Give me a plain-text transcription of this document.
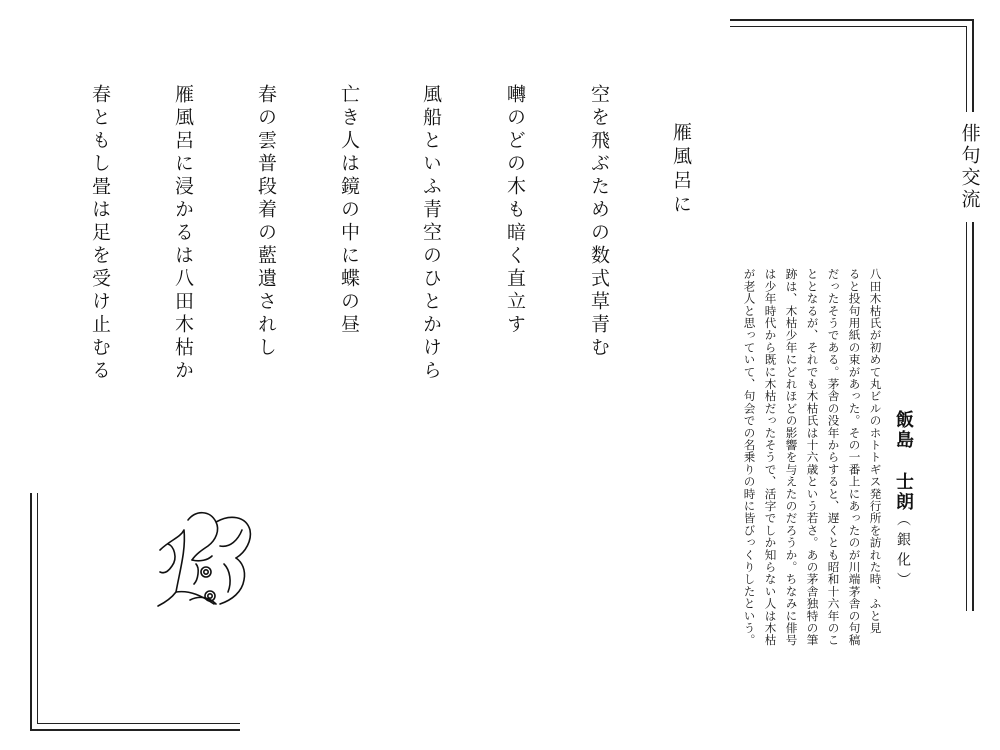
俳句交流
雁風呂に
空を飛ぶための数式草青む
囀のどの木も暗く直立す
風船といふ青空のひとかけら
亡き人は鏡の中に蝶の昼
春の雲普段着の藍遺されし
雁風呂に浸かるは八田木枯か
春ともし畳は足を受け止むる
飯島士朗（銀化）
八田木枯氏が初めて丸ビルのホトトギス発行所を訪れた時、ふと見
ると投句用紙の束があった。その一番上にあったのが川端茅舎の句稿
だったそうである。茅舎の没年からすると、遅くとも昭和十六年のこ
ととなるが、それでも木枯氏は十六歳という若さ。あの茅舎独特の筆
跡は、木枯少年にどれほどの影響を与えたのだろうか。ちなみに俳号
は少年時代から既に木枯だったそうで、活字でしか知らない人は木枯
が老人と思っていて、句会での名乗りの時に皆びっくりしたという。
